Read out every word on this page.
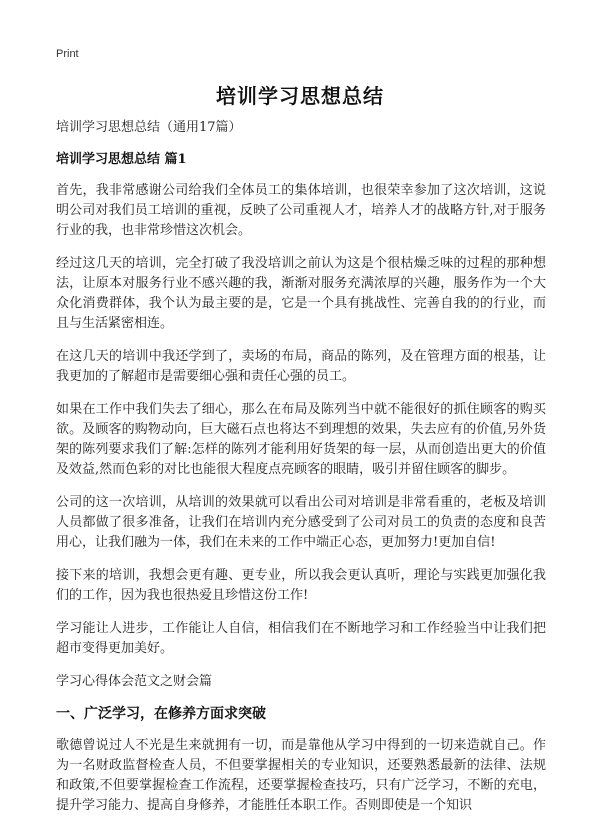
Print
培训学习思想总结

培训学习思想总结（通用17篇）

培训学习思想总结 篇1

首先，我非常感谢公司给我们全体员工的集体培训，也很荣幸参加了这次培训，这说明公司对我们员工培训的重视，反映了公司重视人才，培养人才的战略方针,对于服务行业的我，也非常珍惜这次机会。

经过这几天的培训，完全打破了我没培训之前认为这是个很枯燥乏味的过程的那种想法，让原本对服务行业不感兴趣的我，渐渐对服务充满浓厚的兴趣，服务作为一个大众化消费群体，我个认为最主要的是，它是一个具有挑战性、完善自我的的行业，而且与生活紧密相连。

在这几天的培训中我还学到了，卖场的布局，商品的陈列，及在管理方面的根基，让我更加的了解超市是需要细心强和责任心强的员工。

如果在工作中我们失去了细心，那么在布局及陈列当中就不能很好的抓住顾客的购买欲。及顾客的购物动向，巨大磁石点也将达不到理想的效果，失去应有的价值,另外货架的陈列要求我们了解:怎样的陈列才能利用好货架的每一层，从而创造出更大的价值及效益,然而色彩的对比也能很大程度点亮顾客的眼睛，吸引并留住顾客的脚步。

公司的这一次培训，从培训的效果就可以看出公司对培训是非常看重的，老板及培训人员都做了很多准备，让我们在培训内充分感受到了公司对员工的负责的态度和良苦用心，让我们融为一体，我们在未来的工作中端正心态，更加努力!更加自信!

接下来的培训，我想会更有趣、更专业，所以我会更认真听，理论与实践更加强化我们的工作，因为我也很热爱且珍惜这份工作!

学习能让人进步，工作能让人自信，相信我们在不断地学习和工作经验当中让我们把超市变得更加美好。

学习心得体会范文之财会篇

一、广泛学习，在修养方面求突破

歌德曾说过人不光是生来就拥有一切，而是靠他从学习中得到的一切来造就自己。作为一名财政监督检查人员，不但要掌握相关的专业知识，还要熟悉最新的法律、法规和政策,不但要掌握检查工作流程，还要掌握检查技巧，只有广泛学习，不断的充电，提升学习能力、提高自身修养，才能胜任本职工作。否则即使是一个知识
